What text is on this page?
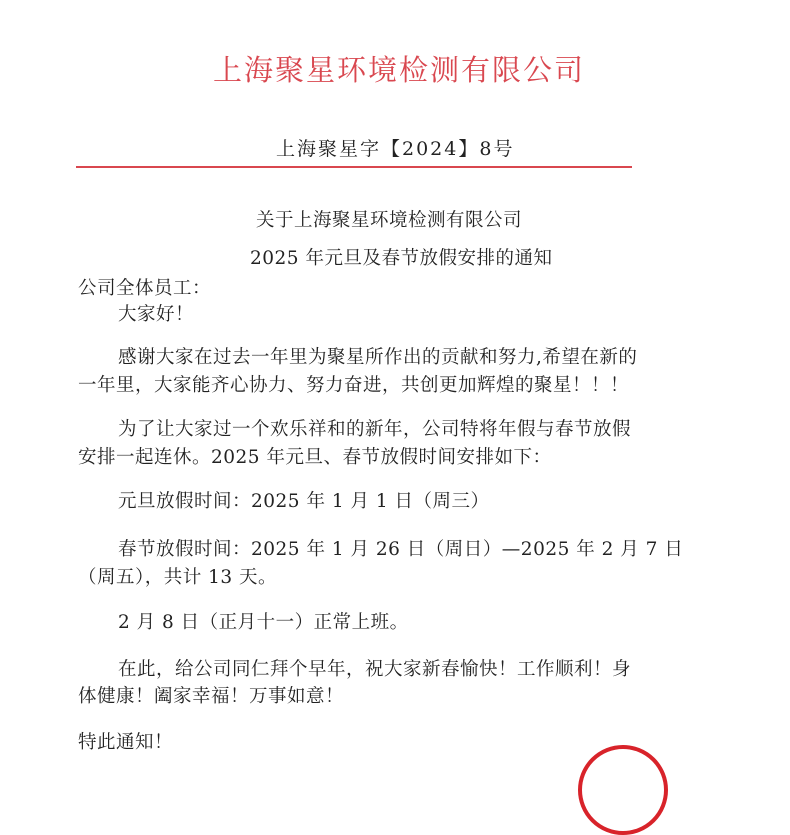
上海聚星环境检测有限公司
上海聚星字【2024】8号
关于上海聚星环境检测有限公司
2025 年元旦及春节放假安排的通知
公司全体员工：
大家好！
感谢大家在过去一年里为聚星所作出的贡献和努力,希望在新的
一年里，大家能齐心协力、努力奋进，共创更加辉煌的聚星！！！
为了让大家过一个欢乐祥和的新年，公司特将年假与春节放假
安排一起连休。2025 年元旦、春节放假时间安排如下：
元旦放假时间：2025 年 1 月 1 日（周三）
春节放假时间：2025 年 1 月 26 日（周日）—2025 年 2 月 7 日
（周五），共计 13 天。
2 月 8 日（正月十一）正常上班。
在此，给公司同仁拜个早年，祝大家新春愉快！工作顺利！身
体健康！阖家幸福！万事如意！
特此通知！
